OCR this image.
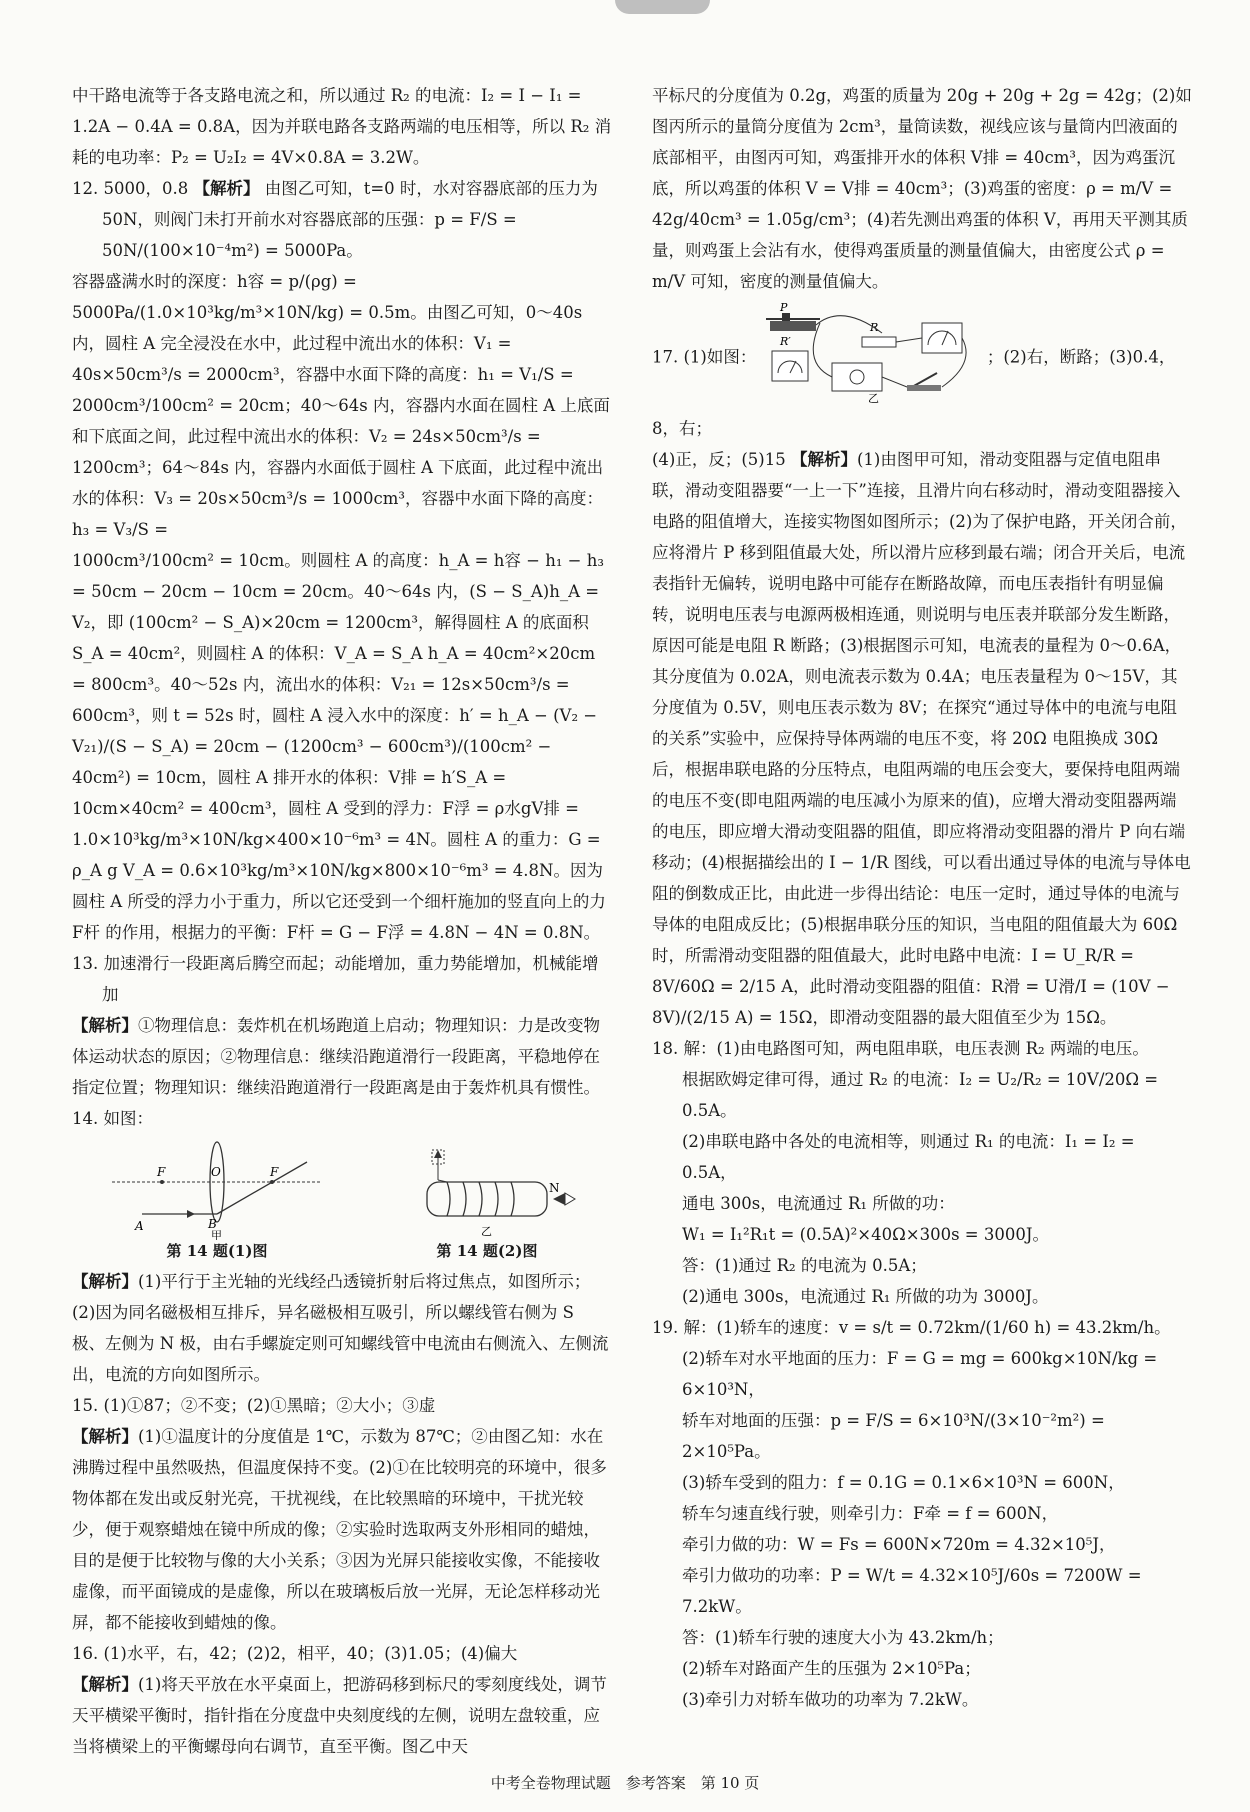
中干路电流等于各支路电流之和，所以通过 R₂ 的电流：I₂ = I − I₁ = 1.2A − 0.4A = 0.8A，因为并联电路各支路两端的电压相等，所以 R₂ 消耗的电功率：P₂ = U₂I₂ = 4V×0.8A = 3.2W。

12. 5000，0.8 【解析】 由图乙可知，t=0 时，水对容器底部的压力为 50N，则阀门未打开前水对容器底部的压强：p = F/S = 50N/(100×10⁻⁴m²) = 5000Pa。

容器盛满水时的深度：h容 = p/(ρg) = 5000Pa/(1.0×10³kg/m³×10N/kg) = 0.5m。由图乙可知，0～40s 内，圆柱 A 完全浸没在水中，此过程中流出水的体积：V₁ = 40s×50cm³/s = 2000cm³，容器中水面下降的高度：h₁ = V₁/S =

2000cm³/100cm² = 20cm；40～64s 内，容器内水面在圆柱 A 上底面和下底面之间，此过程中流出水的体积：V₂ = 24s×50cm³/s = 1200cm³；64～84s 内，容器内水面低于圆柱 A 下底面，此过程中流出水的体积：V₃ = 20s×50cm³/s = 1000cm³，容器中水面下降的高度：h₃ = V₃/S =

1000cm³/100cm² = 10cm。则圆柱 A 的高度：h_A = h容 − h₁ − h₃ = 50cm − 20cm − 10cm = 20cm。40～64s 内，(S − S_A)h_A = V₂，即 (100cm² − S_A)×20cm = 1200cm³，解得圆柱 A 的底面积 S_A = 40cm²，则圆柱 A 的体积：V_A = S_A h_A = 40cm²×20cm = 800cm³。40～52s 内，流出水的体积：V₂₁ = 12s×50cm³/s = 600cm³，则 t = 52s 时，圆柱 A 浸入水中的深度：h′ = h_A − (V₂ − V₂₁)/(S − S_A) = 20cm − (1200cm³ − 600cm³)/(100cm² − 40cm²) = 10cm，圆柱 A 排开水的体积：V排 = h′S_A = 10cm×40cm² = 400cm³，圆柱 A 受到的浮力：F浮 = ρ水gV排 = 1.0×10³kg/m³×10N/kg×400×10⁻⁶m³ = 4N。圆柱 A 的重力：G = ρ_A g V_A = 0.6×10³kg/m³×10N/kg×800×10⁻⁶m³ = 4.8N。因为圆柱 A 所受的浮力小于重力，所以它还受到一个细杆施加的竖直向上的力 F杆 的作用，根据力的平衡：F杆 = G − F浮 = 4.8N − 4N = 0.8N。

13. 加速滑行一段距离后腾空而起；动能增加，重力势能增加，机械能增加

【解析】①物理信息：轰炸机在机场跑道上启动；物理知识：力是改变物体运动状态的原因；②物理信息：继续沿跑道滑行一段距离，平稳地停在指定位置；物理知识：继续沿跑道滑行一段距离是由于轰炸机具有惯性。

14. 如图：
F	F
O
A	B
甲
第 14 题(1)图
N
乙
第 14 题(2)图

【解析】(1)平行于主光轴的光线经凸透镜折射后将过焦点，如图所示；(2)因为同名磁极相互排斥，异名磁极相互吸引，所以螺线管右侧为 S 极、左侧为 N 极，由右手螺旋定则可知螺线管中电流由右侧流入、左侧流出，电流的方向如图所示。

15. (1)①87；②不变；(2)①黑暗；②大小；③虚

【解析】(1)①温度计的分度值是 1℃，示数为 87℃；②由图乙知：水在沸腾过程中虽然吸热，但温度保持不变。(2)①在比较明亮的环境中，很多物体都在发出或反射光亮，干扰视线，在比较黑暗的环境中，干扰光较少，便于观察蜡烛在镜中所成的像；②实验时选取两支外形相同的蜡烛，目的是便于比较物与像的大小关系；③因为光屏只能接收实像，不能接收虚像，而平面镜成的是虚像，所以在玻璃板后放一光屏，无论怎样移动光屏，都不能接收到蜡烛的像。

16. (1)水平，右，42；(2)2，相平，40；(3)1.05；(4)偏大

【解析】(1)将天平放在水平桌面上，把游码移到标尺的零刻度线处，调节天平横梁平衡时，指针指在分度盘中央刻度线的左侧，说明左盘较重，应当将横梁上的平衡螺母向右调节，直至平衡。图乙中天

平标尺的分度值为 0.2g，鸡蛋的质量为 20g + 20g + 2g = 42g；(2)如图丙所示的量筒分度值为 2cm³，量筒读数，视线应该与量筒内凹液面的底部相平，由图丙可知，鸡蛋排开水的体积 V排 = 40cm³，因为鸡蛋沉底，所以鸡蛋的体积 V = V排 = 40cm³；(3)鸡蛋的密度：ρ = m/V =

42g/40cm³ = 1.05g/cm³；(4)若先测出鸡蛋的体积 V，再用天平测其质量，则鸡蛋上会沾有水，使得鸡蛋质量的测量值偏大，由密度公式 ρ = m/V 可知，密度的测量值偏大。

17. (1)如图：
P
R′
R
乙
；(2)右，断路；(3)0.4，8，右；

(4)正，反；(5)15 【解析】(1)由图甲可知，滑动变阻器与定值电阻串联，滑动变阻器要“一上一下”连接，且滑片向右移动时，滑动变阻器接入电路的阻值增大，连接实物图如图所示；(2)为了保护电路，开关闭合前，应将滑片 P 移到阻值最大处，所以滑片应移到最右端；闭合开关后，电流表指针无偏转，说明电路中可能存在断路故障，而电压表指针有明显偏转，说明电压表与电源两极相连通，则说明与电压表并联部分发生断路，原因可能是电阻 R 断路；(3)根据图示可知，电流表的量程为 0～0.6A，其分度值为 0.02A，则电流表示数为 0.4A；电压表量程为 0～15V，其分度值为 0.5V，则电压表示数为 8V；在探究“通过导体中的电流与电阻的关系”实验中，应保持导体两端的电压不变，将 20Ω 电阻换成 30Ω 后，根据串联电路的分压特点，电阻两端的电压会变大，要保持电阻两端的电压不变(即电阻两端的电压减小为原来的值)，应增大滑动变阻器两端的电压，即应增大滑动变阻器的阻值，即应将滑动变阻器的滑片 P 向右端移动；(4)根据描绘出的 I − 1/R 图线，可以看出通过导体的电流与导体电阻的倒数成正比，由此进一步得出结论：电压一定时，通过导体的电流与导体的电阻成反比；(5)根据串联分压的知识，当电阻的阻值最大为 60Ω 时，所需滑动变阻器的阻值最大，此时电路中电流：I = U_R/R = 8V/60Ω = 2/15 A，此时滑动变阻器的阻值：R滑 = U滑/I = (10V − 8V)/(2/15 A) = 15Ω，即滑动变阻器的最大阻值至少为 15Ω。

18. 解：(1)由电路图可知，两电阻串联，电压表测 R₂ 两端的电压。

根据欧姆定律可得，通过 R₂ 的电流：I₂ = U₂/R₂ = 10V/20Ω = 0.5A。

(2)串联电路中各处的电流相等，则通过 R₁ 的电流：I₁ = I₂ = 0.5A，

通电 300s，电流通过 R₁ 所做的功：

W₁ = I₁²R₁t = (0.5A)²×40Ω×300s = 3000J。

答：(1)通过 R₂ 的电流为 0.5A；

(2)通电 300s，电流通过 R₁ 所做的功为 3000J。

19. 解：(1)轿车的速度：v = s/t = 0.72km/(1/60 h) = 43.2km/h。

(2)轿车对水平地面的压力：F = G = mg = 600kg×10N/kg = 6×10³N，

轿车对地面的压强：p = F/S = 6×10³N/(3×10⁻²m²) = 2×10⁵Pa。

(3)轿车受到的阻力：f = 0.1G = 0.1×6×10³N = 600N，

轿车匀速直线行驶，则牵引力：F牵 = f = 600N，

牵引力做的功：W = Fs = 600N×720m = 4.32×10⁵J，

牵引力做功的功率：P = W/t = 4.32×10⁵J/60s = 7200W = 7.2kW。

答：(1)轿车行驶的速度大小为 43.2km/h；

(2)轿车对路面产生的压强为 2×10⁵Pa；

(3)牵引力对轿车做功的功率为 7.2kW。

中考全卷物理试题　参考答案　第 10 页
